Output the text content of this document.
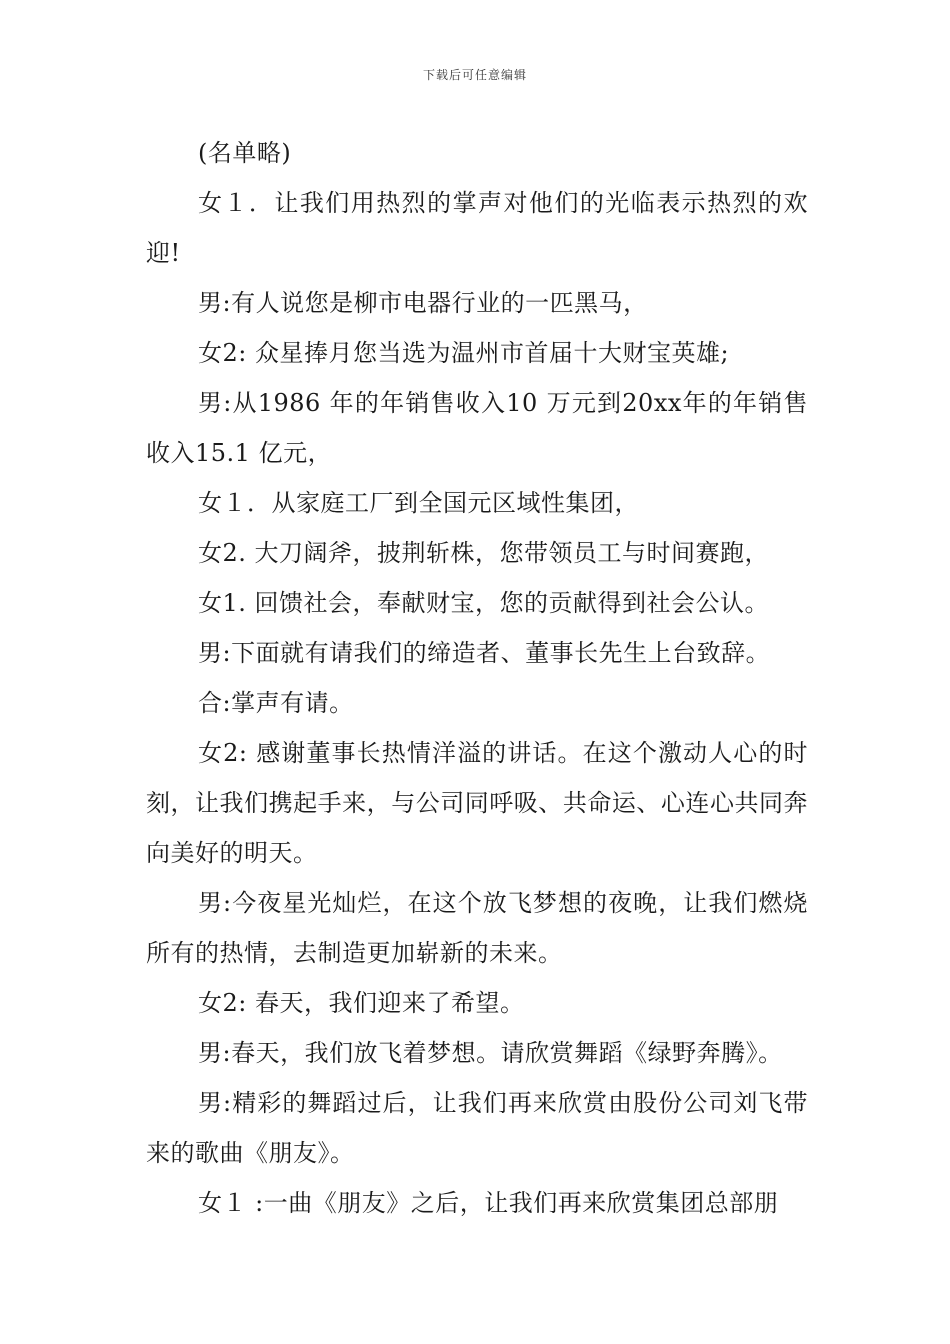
下载后可任意编辑

(名单略)

女１．让我们用热烈的掌声对他们的光临表示热烈的欢迎!

男:有人说您是柳市电器行业的一匹黑马，

女2: 众星捧月您当选为温州市首届十大财宝英雄;

男:从1986 年的年销售收入10 万元到20xx年的年销售收入15.1 亿元，

女１．从家庭工厂到全国元区域性集团，

女2. 大刀阔斧，披荆斩株，您带领员工与时间赛跑，

女1. 回馈社会，奉献财宝，您的贡献得到社会公认。

男:下面就有请我们的缔造者、董事长先生上台致辞。

合:掌声有请。

女2: 感谢董事长热情洋溢的讲话。在这个激动人心的时刻，让我们携起手来，与公司同呼吸、共命运、心连心共同奔向美好的明天。

男:今夜星光灿烂，在这个放飞梦想的夜晚，让我们燃烧所有的热情，去制造更加崭新的未来。

女2: 春天，我们迎来了希望。

男:春天，我们放飞着梦想。请欣赏舞蹈《绿野奔腾》。

男:精彩的舞蹈过后，让我们再来欣赏由股份公司刘飞带来的歌曲《朋友》。

女１ :一曲《朋友》之后，让我们再来欣赏集团总部朋
